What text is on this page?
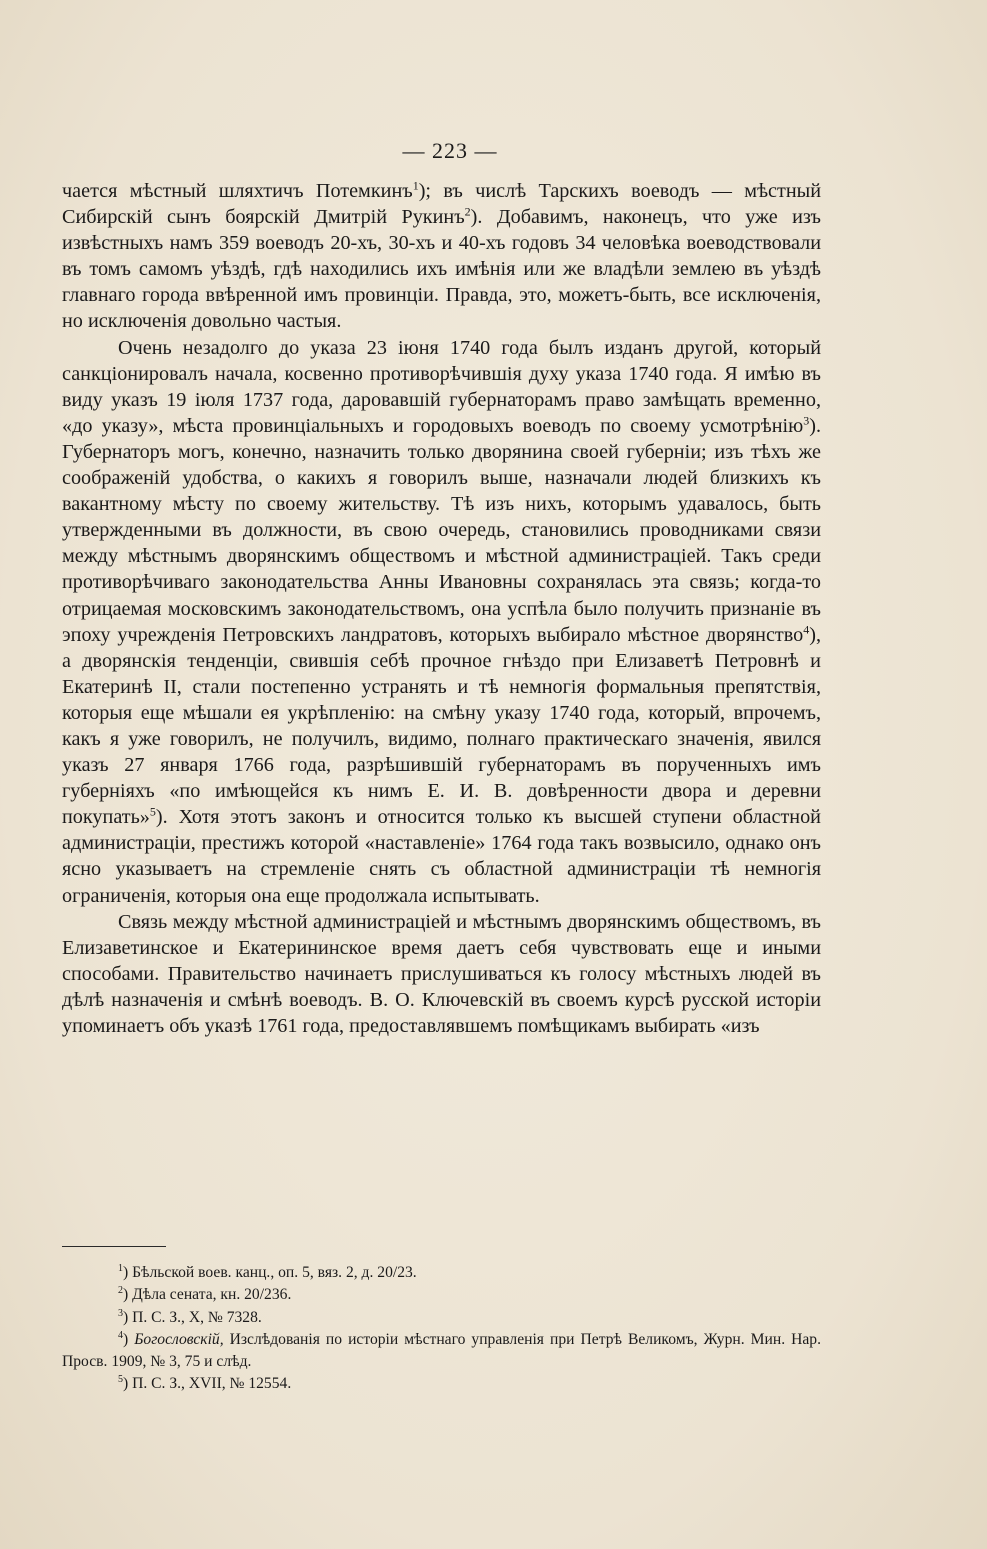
— 223 —

чается мѣстный шляхтичъ Потемкинъ$^1$); въ числѣ Тарскихъ воеводъ — мѣстный Сибирскій сынъ боярскій Дмитрій Рукинъ$^2$). Добавимъ, наконецъ, что уже изъ извѣстныхъ намъ 359 воеводъ 20-хъ, 30-хъ и 40-хъ годовъ 34 человѣка воеводствовали въ томъ самомъ уѣздѣ, гдѣ находились ихъ имѣнія или же владѣли землею въ уѣздѣ главнаго города ввѣренной имъ провинціи. Правда, это, можетъ-быть, все исключенія, но исключенія довольно частыя.

Очень незадолго до указа 23 іюня 1740 года былъ изданъ другой, который санкціонировалъ начала, косвенно противорѣчившія духу указа 1740 года. Я имѣю въ виду указъ 19 іюля 1737 года, даровавшій губернаторамъ право замѣщать временно, «до указу», мѣста провинціальныхъ и городовыхъ воеводъ по своему усмотрѣнію$^3$). Губернаторъ могъ, конечно, назначить только дворянина своей губерніи; изъ тѣхъ же соображеній удобства, о какихъ я говорилъ выше, назначали людей близкихъ къ вакантному мѣсту по своему жительству. Тѣ изъ нихъ, которымъ удавалось, быть утвержденными въ должности, въ свою очередь, становились проводниками связи между мѣстнымъ дворянскимъ обществомъ и мѣстной администраціей. Такъ среди противорѣчиваго законодательства Анны Ивановны сохранялась эта связь; когда-то отрицаемая московскимъ законодательствомъ, она успѣла было получить признаніе въ эпоху учрежденія Петровскихъ ландратовъ, которыхъ выбирало мѣстное дворянство$^4$), а дворянскія тенденціи, свившія себѣ прочное гнѣздо при Елизаветѣ Петровнѣ и Екатеринѣ II, стали постепенно устранять и тѣ немногія формальныя препятствія, которыя еще мѣшали ея укрѣпленію: на смѣну указу 1740 года, который, впрочемъ, какъ я уже говорилъ, не получилъ, видимо, полнаго практическаго значенія, явился указъ 27 января 1766 года, разрѣшившій губернаторамъ въ порученныхъ имъ губерніяхъ «по имѣющейся къ нимъ Е. И. В. довѣренности двора и деревни покупать»$^5$). Хотя этотъ законъ и относится только къ высшей ступени областной администраціи, престижъ которой «наставленіе» 1764 года такъ возвысило, однако онъ ясно указываетъ на стремленіе снять съ областной администраціи тѣ немногія ограниченія, которыя она еще продолжала испытывать.

Связь между мѣстной администраціей и мѣстнымъ дворянскимъ обществомъ, въ Елизаветинское и Екатерининское время даетъ себя чувствовать еще и иными способами. Правительство начинаетъ прислушиваться къ голосу мѣстныхъ людей въ дѣлѣ назначенія и смѣнѣ воеводъ. В. О. Ключевскій въ своемъ курсѣ русской исторіи упоминаетъ объ указѣ 1761 года, предоставлявшемъ помѣщикамъ выбирать «изъ

$^1$) Бѣльской воев. канц., оп. 5, вяз. 2, д. 20/23.

$^2$) Дѣла сената, кн. 20/236.

$^3$) П. С. З., X, № 7328.

$^4$) Богословскій, Изслѣдованія по исторіи мѣстнаго управленія при Петрѣ Великомъ, Журн. Мин. Нар. Просв. 1909, № 3, 75 и слѣд.

$^5$) П. С. З., XVII, № 12554.
